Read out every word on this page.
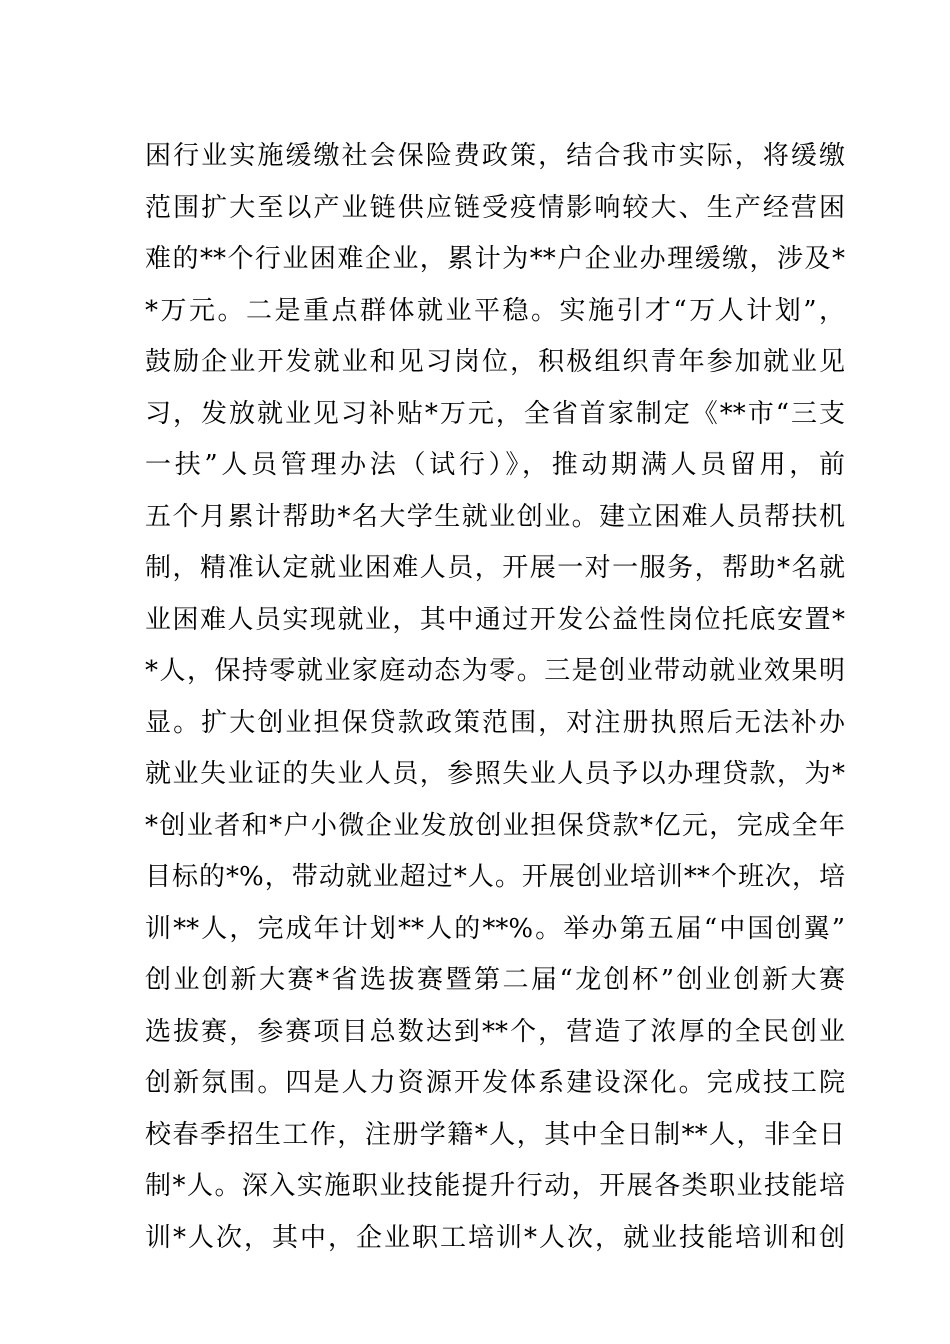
困行业实施缓缴社会保险费政策，结合我市实际，将缓缴
范围扩大至以产业链供应链受疫情影响较大、生产经营困
难的**个行业困难企业，累计为**户企业办理缓缴，涉及*
*万元。二是重点群体就业平稳。实施引才“万人计划”，
鼓励企业开发就业和见习岗位，积极组织青年参加就业见
习，发放就业见习补贴*万元，全省首家制定《**市“三支
一扶”人员管理办法（试行）》，推动期满人员留用，前
五个月累计帮助*名大学生就业创业。建立困难人员帮扶机
制，精准认定就业困难人员，开展一对一服务，帮助*名就
业困难人员实现就业，其中通过开发公益性岗位托底安置*
*人，保持零就业家庭动态为零。三是创业带动就业效果明
显。扩大创业担保贷款政策范围，对注册执照后无法补办
就业失业证的失业人员，参照失业人员予以办理贷款，为*
*创业者和*户小微企业发放创业担保贷款*亿元，完成全年
目标的*%，带动就业超过*人。开展创业培训**个班次，培
训**人，完成年计划**人的**%。举办第五届“中国创翼”
创业创新大赛*省选拔赛暨第二届“龙创杯”创业创新大赛
选拔赛，参赛项目总数达到**个，营造了浓厚的全民创业
创新氛围。四是人力资源开发体系建设深化。完成技工院
校春季招生工作，注册学籍*人，其中全日制**人，非全日
制*人。深入实施职业技能提升行动，开展各类职业技能培
训*人次，其中，企业职工培训*人次，就业技能培训和创
